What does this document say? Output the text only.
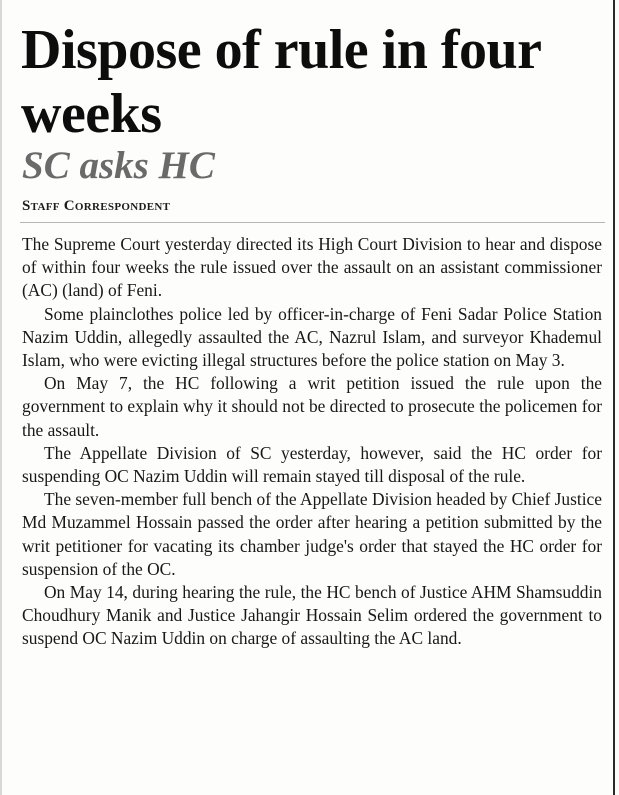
Dispose of rule in four weeks
SC asks HC
Staff Correspondent

The Supreme Court yesterday directed its High Court Division to hear and dispose of within four weeks the rule issued over the assault on an assistant commissioner (AC) (land) of Feni.

Some plainclothes police led by officer-in-charge of Feni Sadar Police Station Nazim Uddin, allegedly assaulted the AC, Nazrul Islam, and surveyor Khademul Islam, who were evicting illegal structures before the police station on May 3.

On May 7, the HC following a writ petition issued the rule upon the government to explain why it should not be directed to prosecute the policemen for the assault.

The Appellate Division of SC yesterday, however, said the HC order for suspending OC Nazim Uddin will remain stayed till disposal of the rule.

The seven-member full bench of the Appellate Division headed by Chief Justice Md Muzammel Hossain passed the order after hearing a petition submitted by the writ petitioner for vacating its chamber judge's order that stayed the HC order for suspension of the OC.

On May 14, during hearing the rule, the HC bench of Justice AHM Shamsuddin Choudhury Manik and Justice Jahangir Hossain Selim ordered the government to suspend OC Nazim Uddin on charge of assaulting the AC land.
